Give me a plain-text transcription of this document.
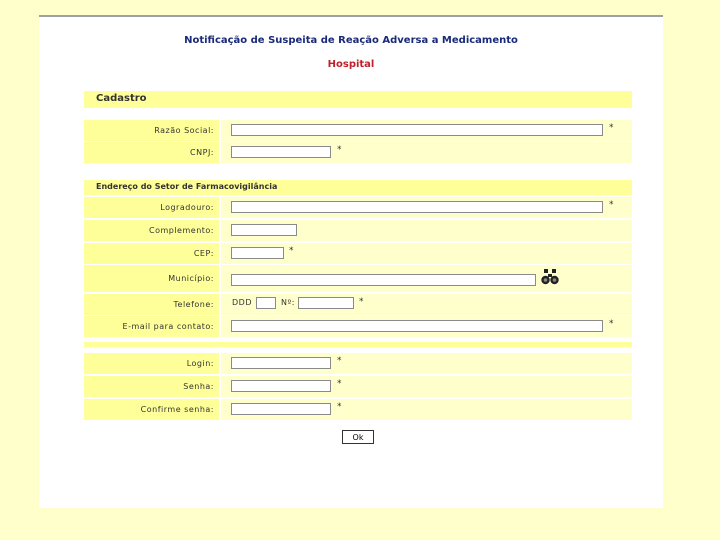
Notificação de Suspeita de Reação Adversa a Medicamento
Hospital
Cadastro
Razão Social:	*
CNPJ:	*
Endereço do Setor de Farmacovigilância
Logradouro:	*
Complemento:
CEP:	*
Município:
Telefone:	DDD	Nº:	*
E-mail para contato:	*
Login:	*
Senha:	*
Confirme senha:	*
Ok
